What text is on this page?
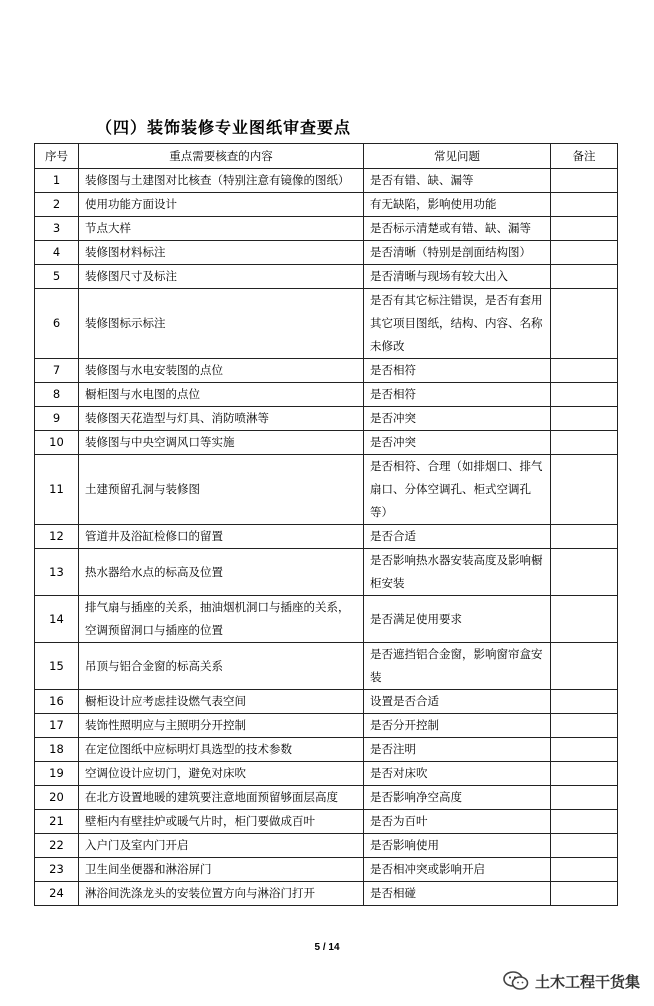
（四）装饰装修专业图纸审查要点
序号	重点需要核查的内容	常见问题	备注
1	装修图与土建图对比核查（特别注意有镜像的图纸）	是否有错、缺、漏等	
2	使用功能方面设计	有无缺陷，影响使用功能	
3	节点大样	是否标示清楚或有错、缺、漏等	
4	装修图材料标注	是否清晰（特别是剖面结构图）	
5	装修图尺寸及标注	是否清晰与现场有较大出入	
6	装修图标示标注	是否有其它标注错误，是否有套用其它项目图纸，结构、内容、名称未修改	
7	装修图与水电安装图的点位	是否相符	
8	橱柜图与水电图的点位	是否相符	
9	装修图天花造型与灯具、消防喷淋等	是否冲突	
10	装修图与中央空调风口等实施	是否冲突	
11	土建预留孔洞与装修图	是否相符、合理（如排烟口、排气扇口、分体空调孔、柜式空调孔等）	
12	管道井及浴缸检修口的留置	是否合适	
13	热水器给水点的标高及位置	是否影响热水器安装高度及影响橱柜安装	
14	排气扇与插座的关系，抽油烟机洞口与插座的关系，空调预留洞口与插座的位置	是否满足使用要求	
15	吊顶与铝合金窗的标高关系	是否遮挡铝合金窗，影响窗帘盒安装	
16	橱柜设计应考虑挂设燃气表空间	设置是否合适	
17	装饰性照明应与主照明分开控制	是否分开控制	
18	在定位图纸中应标明灯具选型的技术参数	是否注明	
19	空调位设计应切门，避免对床吹	是否对床吹	
20	在北方设置地暖的建筑要注意地面预留够面层高度	是否影响净空高度	
21	壁柜内有壁挂炉或暖气片时，柜门要做成百叶	是否为百叶	
22	入户门及室内门开启	是否影响使用	
23	卫生间坐便器和淋浴屏门	是否相冲突或影响开启	
24	淋浴间洗涤龙头的安装位置方向与淋浴门打开	是否相碰	
5 / 14
土木工程干货集
